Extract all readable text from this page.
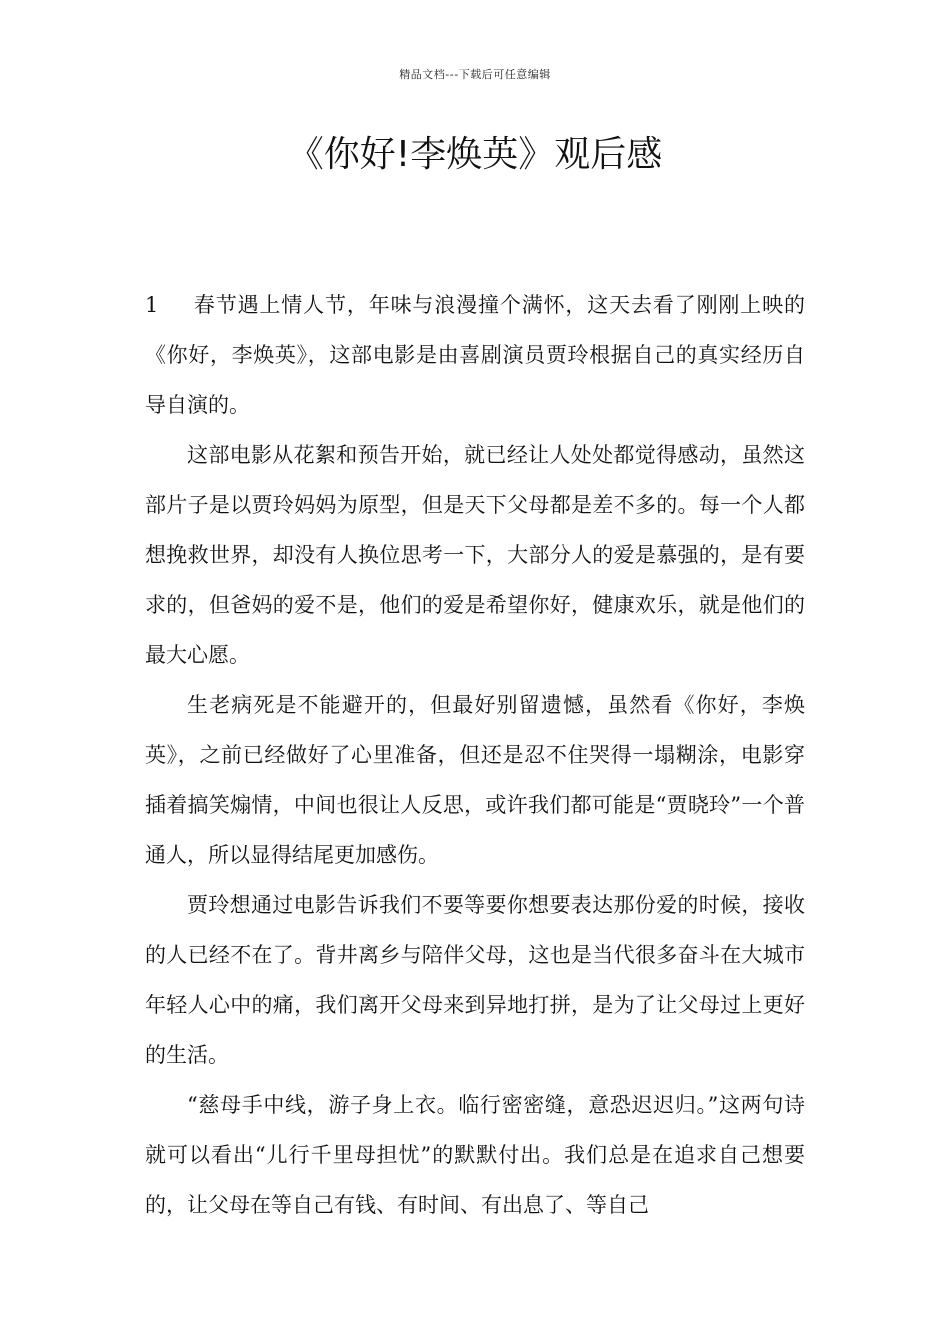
精品文档---下载后可任意编辑
《你好!李焕英》观后感

1 春节遇上情人节，年味与浪漫撞个满怀，这天去看了刚刚上映的《你好，李焕英》，这部电影是由喜剧演员贾玲根据自己的真实经历自导自演的。

这部电影从花絮和预告开始，就已经让人处处都觉得感动，虽然这部片子是以贾玲妈妈为原型，但是天下父母都是差不多的。每一个人都想挽救世界，却没有人换位思考一下，大部分人的爱是慕强的，是有要求的，但爸妈的爱不是，他们的爱是希望你好，健康欢乐，就是他们的最大心愿。

生老病死是不能避开的，但最好别留遗憾，虽然看《你好，李焕英》，之前已经做好了心里准备，但还是忍不住哭得一塌糊涂，电影穿插着搞笑煽情，中间也很让人反思，或许我们都可能是“贾晓玲”一个普通人，所以显得结尾更加感伤。

贾玲想通过电影告诉我们不要等要你想要表达那份爱的时候，接收的人已经不在了。背井离乡与陪伴父母，这也是当代很多奋斗在大城市年轻人心中的痛，我们离开父母来到异地打拼，是为了让父母过上更好的生活。

“慈母手中线，游子身上衣。临行密密缝，意恐迟迟归。”这两句诗就可以看出“儿行千里母担忧”的默默付出。我们总是在追求自己想要的，让父母在等自己有钱、有时间、有出息了、等自己
